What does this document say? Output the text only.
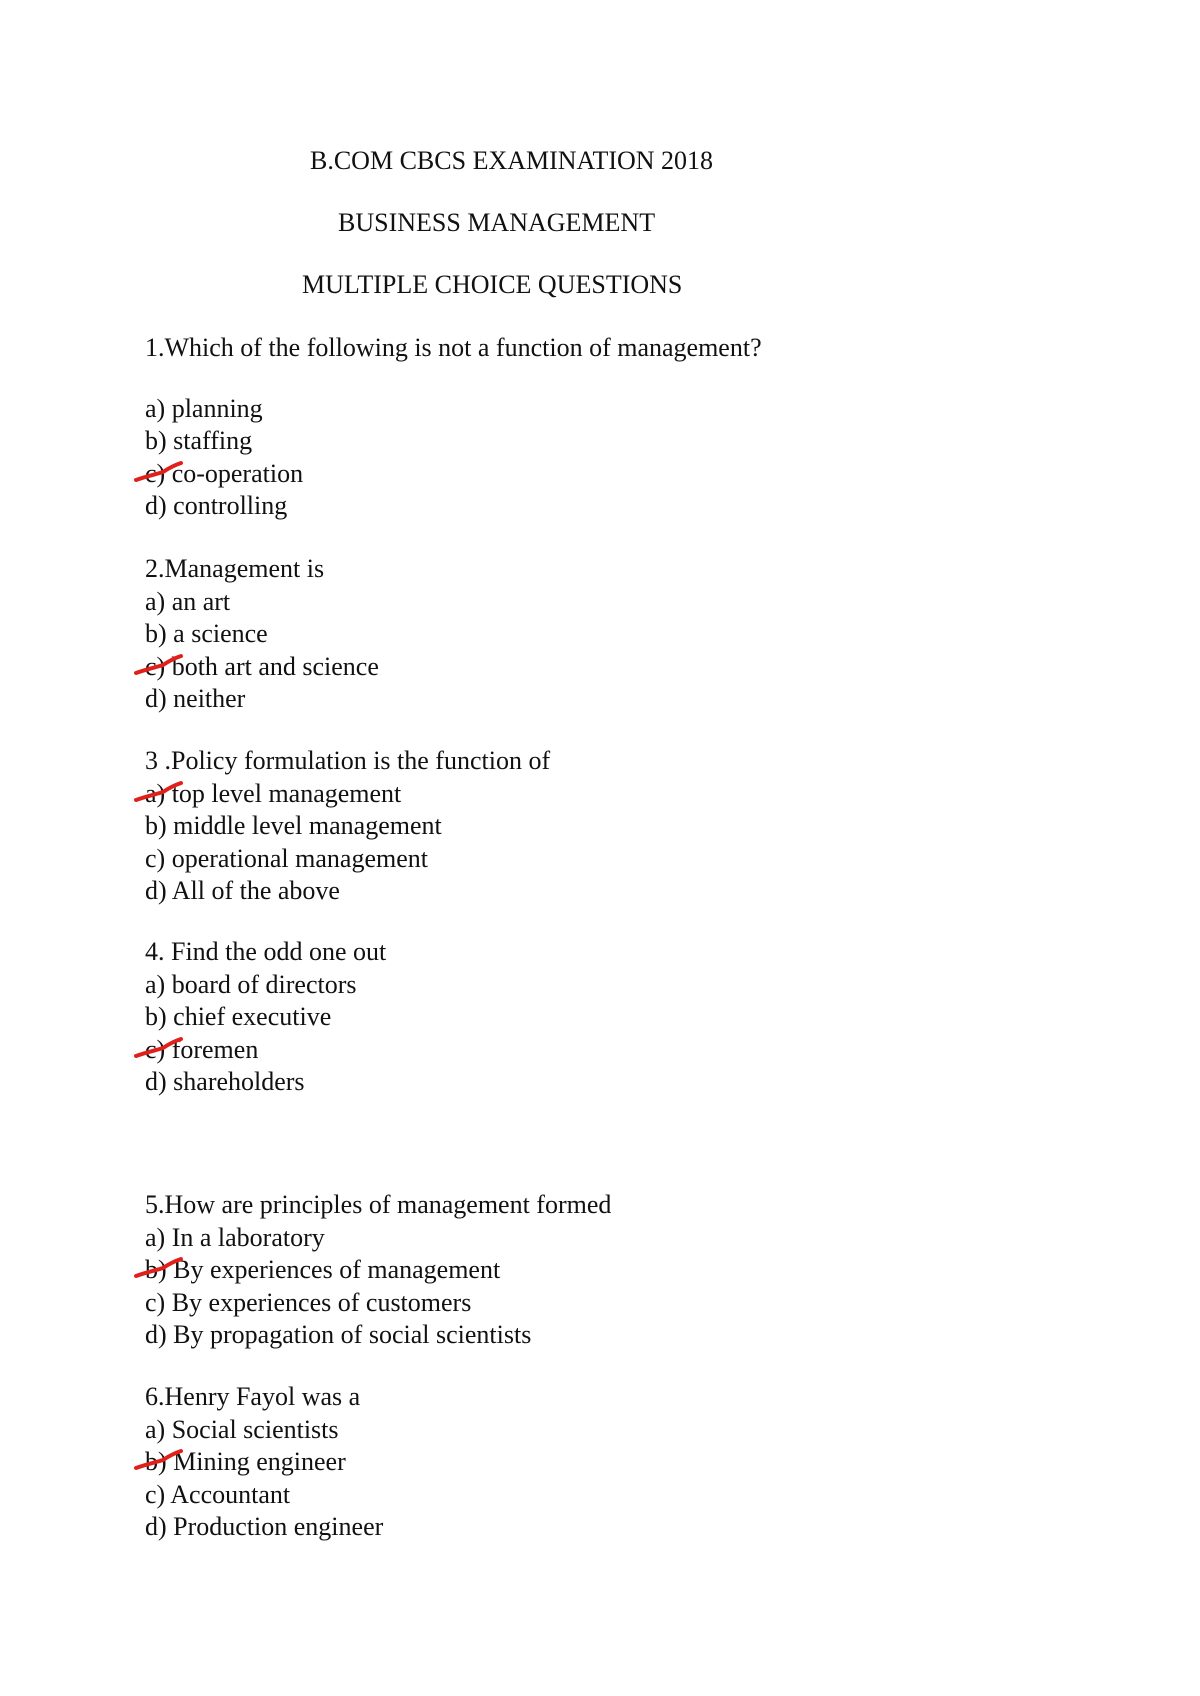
B.COM CBCS EXAMINATION 2018
BUSINESS MANAGEMENT
MULTIPLE CHOICE QUESTIONS
1.Which of the following is not a function of management?
a) planning
b) staffing
c) co-operation
d) controlling
2.Management is
a) an art
b) a science
c) both art and science
d) neither
3 .Policy formulation is the function of
a) top level management
b) middle level management
c) operational management
d) All of the above
4. Find the odd one out
a) board of directors
b) chief executive
c) foremen
d) shareholders
5.How are principles of management formed
a) In a laboratory
b) By experiences of management
c) By experiences of customers
d) By propagation of social scientists
6.Henry Fayol was a
a) Social scientists
b) Mining engineer
c) Accountant
d) Production engineer
